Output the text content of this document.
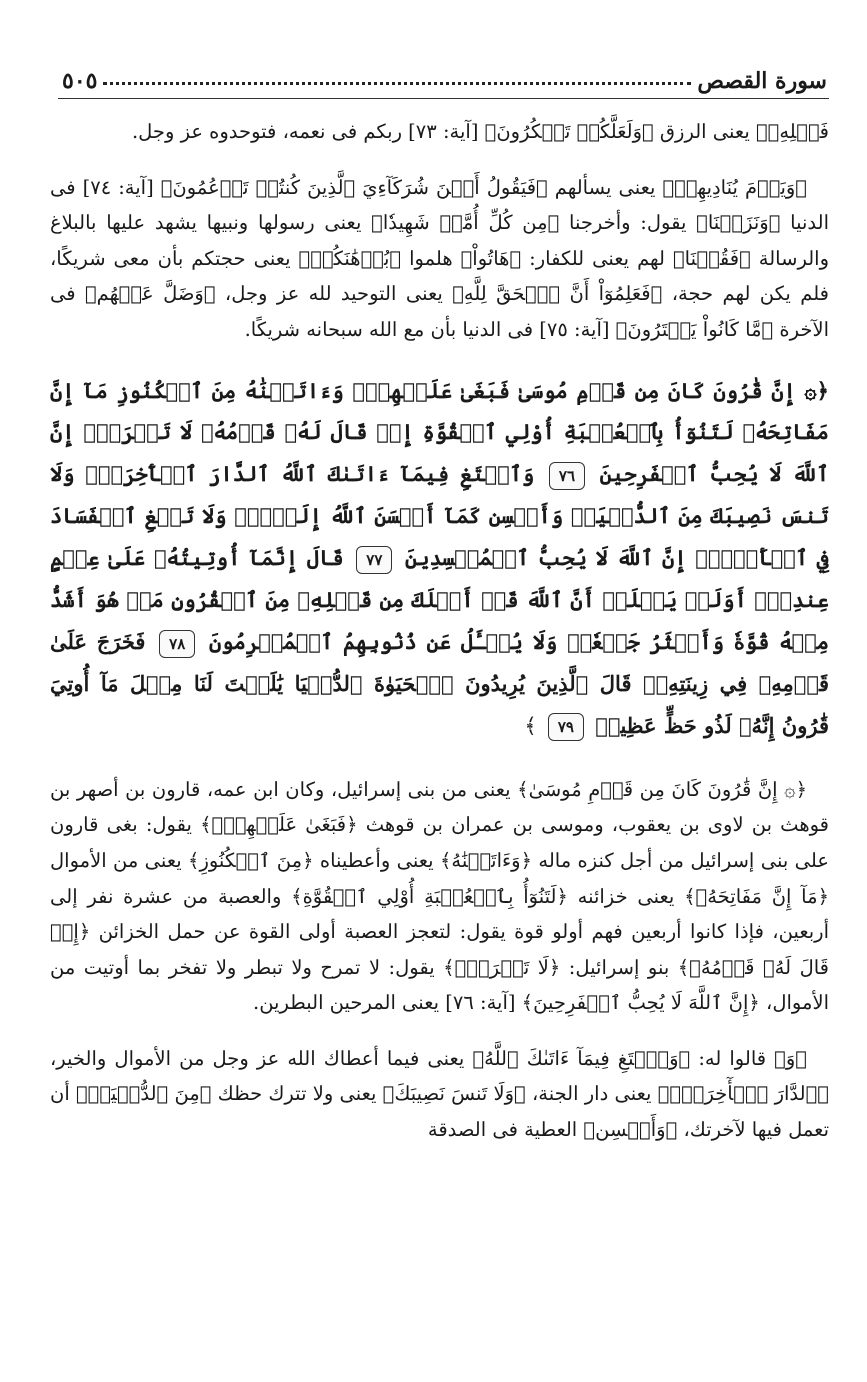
سورة القصص
٥٠٥

فَضۡلِهِۦ﴾ يعنى الرزق ﴿وَلَعَلَّكُمۡ تَشۡكُرُونَ﴾ [آية: ٧٣] ربكم فى نعمه، فتوحدوه عز وجل.

﴿وَيَوۡمَ يُنَادِيهِمۡ﴾ يعنى يسألهم ﴿فَيَقُولُ أَيۡنَ شُرَكَآءِيَ ٱلَّذِينَ كُنتُمۡ تَزۡعُمُونَ﴾ [آية: ٧٤] فى الدنيا ﴿وَنَزَعۡنَا﴾ يقول: وأخرجنا ﴿مِن كُلِّ أُمَّةٖ شَهِيدٗا﴾ يعنى رسولها ونبيها يشهد عليها بالبلاغ والرسالة ﴿فَقُلۡنَا﴾ لهم يعنى للكفار: ﴿هَاتُواْ﴾ هلموا ﴿بُرۡهَٰنَكُمۡ﴾ يعنى حجتكم بأن معى شريكًا، فلم يكن لهم حجة، ﴿فَعَلِمُوٓاْ أَنَّ ٱلۡحَقَّ لِلَّهِ﴾ يعنى التوحيد لله عز وجل، ﴿وَضَلَّ عَنۡهُم﴾ فى الآخرة ﴿مَّا كَانُواْ يَفۡتَرُونَ﴾ [آية: ٧٥] فى الدنيا بأن مع الله سبحانه شريكًا.

﴿۞ إِنَّ قَٰرُونَ كَانَ مِن قَوۡمِ مُوسَىٰ فَبَغَىٰ عَلَيۡهِمۡۖ وَءَاتَيۡنَٰهُ مِنَ ٱلۡكُنُوزِ مَآ إِنَّ مَفَاتِحَهُۥ لَتَنُوٓأُ بِٱلۡعُصۡبَةِ أُوْلِي ٱلۡقُوَّةِ إِذۡ قَالَ لَهُۥ قَوۡمُهُۥ لَا تَفۡرَحۡۖ إِنَّ ٱللَّهَ لَا يُحِبُّ ٱلۡفَرِحِينَ ٧٦ وَٱبۡتَغِ فِيمَآ ءَاتَىٰكَ ٱللَّهُ ٱلدَّارَ ٱلۡأٓخِرَةَۖ وَلَا تَنسَ نَصِيبَكَ مِنَ ٱلدُّنۡيَاۖ وَأَحۡسِن كَمَآ أَحۡسَنَ ٱللَّهُ إِلَيۡكَۖ وَلَا تَبۡغِ ٱلۡفَسَادَ فِي ٱلۡأَرۡضِۖ إِنَّ ٱللَّهَ لَا يُحِبُّ ٱلۡمُفۡسِدِينَ ٧٧ قَالَ إِنَّمَآ أُوتِيتُهُۥ عَلَىٰ عِلۡمٍ عِندِيٓۚ أَوَلَمۡ يَعۡلَمۡ أَنَّ ٱللَّهَ قَدۡ أَهۡلَكَ مِن قَبۡلِهِۦ مِنَ ٱلۡقُرُونِ مَنۡ هُوَ أَشَدُّ مِنۡهُ قُوَّةٗ وَأَكۡثَرُ جَمۡعٗاۚ وَلَا يُسۡـَٔلُ عَن ذُنُوبِهِمُ ٱلۡمُجۡرِمُونَ ٧٨ فَخَرَجَ عَلَىٰ قَوۡمِهِۦ فِي زِينَتِهِۦۖ قَالَ ٱلَّذِينَ يُرِيدُونَ ٱلۡحَيَوٰةَ ٱلدُّنۡيَا يَٰلَيۡتَ لَنَا مِثۡلَ مَآ أُوتِيَ قَٰرُونُ إِنَّهُۥ لَذُو حَظٍّ عَظِيمٖ ٧٩ ﴾

﴿۞ إِنَّ قَٰرُونَ كَانَ مِن قَوۡمِ مُوسَىٰ﴾ يعنى من بنى إسرائيل، وكان ابن عمه، قارون بن أصهر بن قوهث بن لاوى بن يعقوب، وموسى بن عمران بن قوهث ﴿فَبَغَىٰ عَلَيۡهِمۡۖ﴾ يقول: بغى قارون على بنى إسرائيل من أجل كنزه ماله ﴿وَءَاتَيۡنَٰهُ﴾ يعنى وأعطيناه ﴿مِنَ ٱلۡكُنُوزِ﴾ يعنى من الأموال ﴿مَآ إِنَّ مَفَاتِحَهُۥ﴾ يعنى خزائنه ﴿لَتَنُوٓأُ بِٱلۡعُصۡبَةِ أُوْلِي ٱلۡقُوَّةِ﴾ والعصبة من عشرة نفر إلى أربعين، فإذا كانوا أربعين فهم أولو قوة يقول: لتعجز العصبة أولى القوة عن حمل الخزائن ﴿إِذۡ قَالَ لَهُۥ قَوۡمُهُۥ﴾ بنو إسرائيل: ﴿لَا تَفۡرَحۡۖ﴾ يقول: لا تمرح ولا تبطر ولا تفخر بما أوتيت من الأموال، ﴿إِنَّ ٱللَّهَ لَا يُحِبُّ ٱلۡفَرِحِينَ﴾ [آية: ٧٦] يعنى المرحين البطرين.

﴿وَ﴾ قالوا له: ﴿وَٱبۡتَغِ فِيمَآ ءَاتَىٰكَ ٱللَّهُ﴾ يعنى فيما أعطاك الله عز وجل من الأموال والخير، ﴿ٱلدَّارَ ٱلۡأٓخِرَةَۖ﴾ يعنى دار الجنة، ﴿وَلَا تَنسَ نَصِيبَكَ﴾ يعنى ولا تترك حظك ﴿مِنَ ٱلدُّنۡيَاۖ﴾ أن تعمل فيها لآخرتك، ﴿وَأَحۡسِن﴾ العطية فى الصدقة
